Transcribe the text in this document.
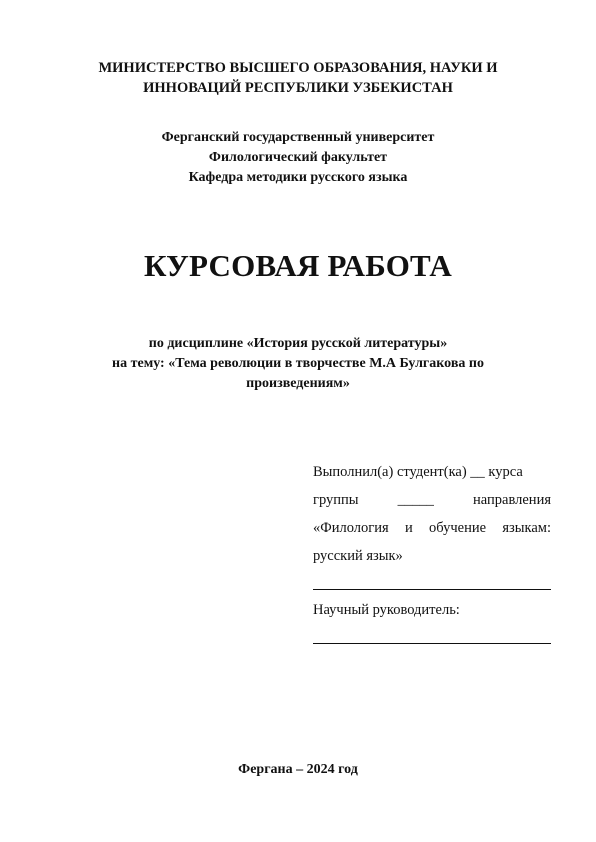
МИНИСТЕРСТВО ВЫСШЕГО ОБРАЗОВАНИЯ, НАУКИ И
ИННОВАЦИЙ РЕСПУБЛИКИ УЗБЕКИСТАН
Ферганский государственный университет
Филологический факультет
Кафедра методики русского языка
КУРСОВАЯ РАБОТА
по дисциплине «История русской литературы»
на тему: «Тема революции в творчестве М.А Булгакова по
произведениям»
Выполнил(а) студент(ка) __ курса
группы	_____	направления
«Филология и обучение языкам:
русский язык»
Научный руководитель:
Фергана – 2024 год
